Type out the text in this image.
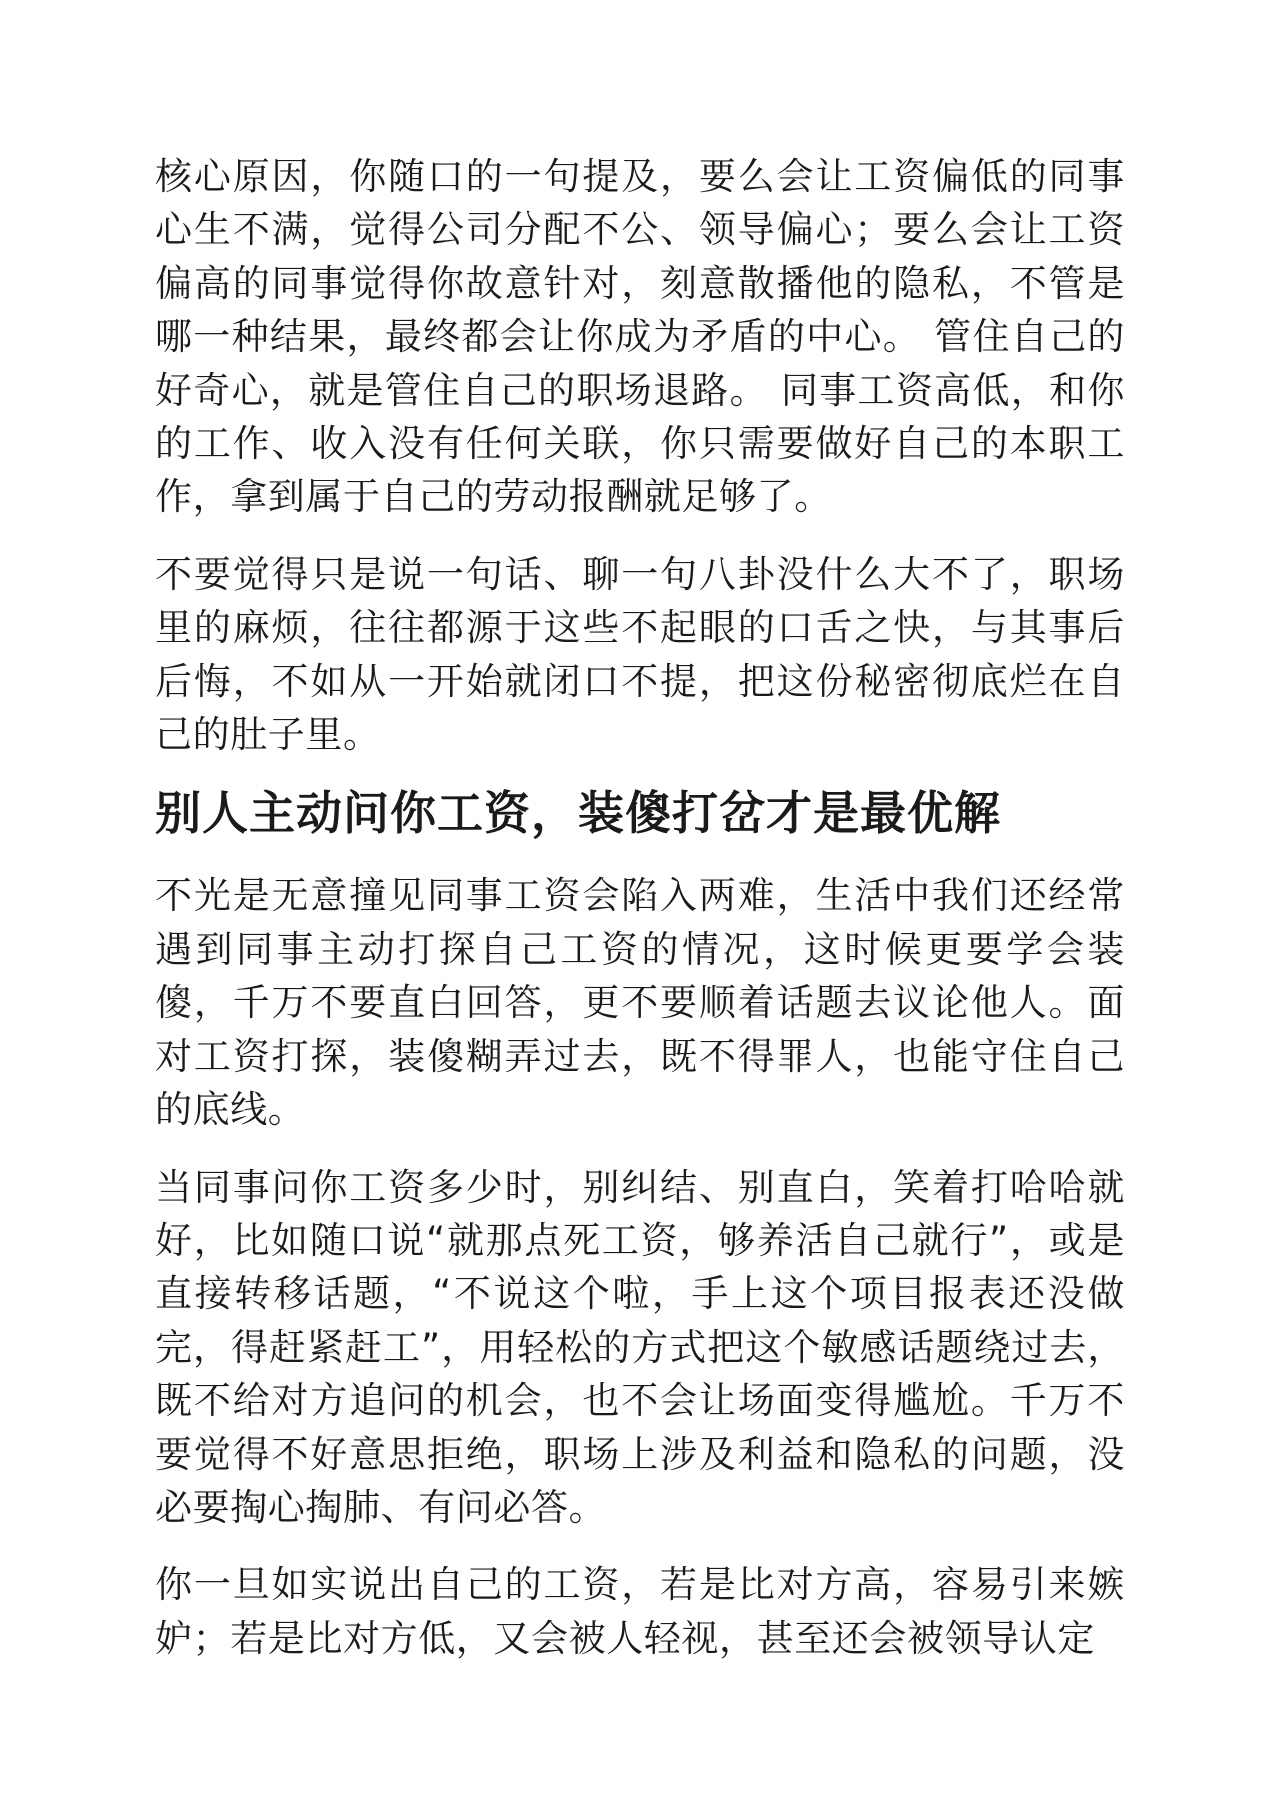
核心原因，你随口的一句提及，要么会让工资偏低的同事心生不满，觉得公司分配不公、领导偏心；要么会让工资偏高的同事觉得你故意针对，刻意散播他的隐私，不管是哪一种结果，最终都会让你成为矛盾的中心。 管住自己的好奇心，就是管住自己的职场退路。 同事工资高低，和你的工作、收入没有任何关联，你只需要做好自己的本职工作，拿到属于自己的劳动报酬就足够了。

不要觉得只是说一句话、聊一句八卦没什么大不了，职场里的麻烦，往往都源于这些不起眼的口舌之快，与其事后后悔，不如从一开始就闭口不提，把这份秘密彻底烂在自己的肚子里。

别人主动问你工资，装傻打岔才是最优解

不光是无意撞见同事工资会陷入两难，生活中我们还经常遇到同事主动打探自己工资的情况，这时候更要学会装傻，千万不要直白回答，更不要顺着话题去议论他人。面对工资打探，装傻糊弄过去，既不得罪人，也能守住自己的底线。

当同事问你工资多少时，别纠结、别直白，笑着打哈哈就好，比如随口说“就那点死工资，够养活自己就行”，或是直接转移话题，“不说这个啦，手上这个项目报表还没做完，得赶紧赶工”，用轻松的方式把这个敏感话题绕过去，既不给对方追问的机会，也不会让场面变得尴尬。千万不要觉得不好意思拒绝，职场上涉及利益和隐私的问题，没必要掏心掏肺、有问必答。

你一旦如实说出自己的工资，若是比对方高，容易引来嫉妒；若是比对方低，又会被人轻视，甚至还会被领导认定
